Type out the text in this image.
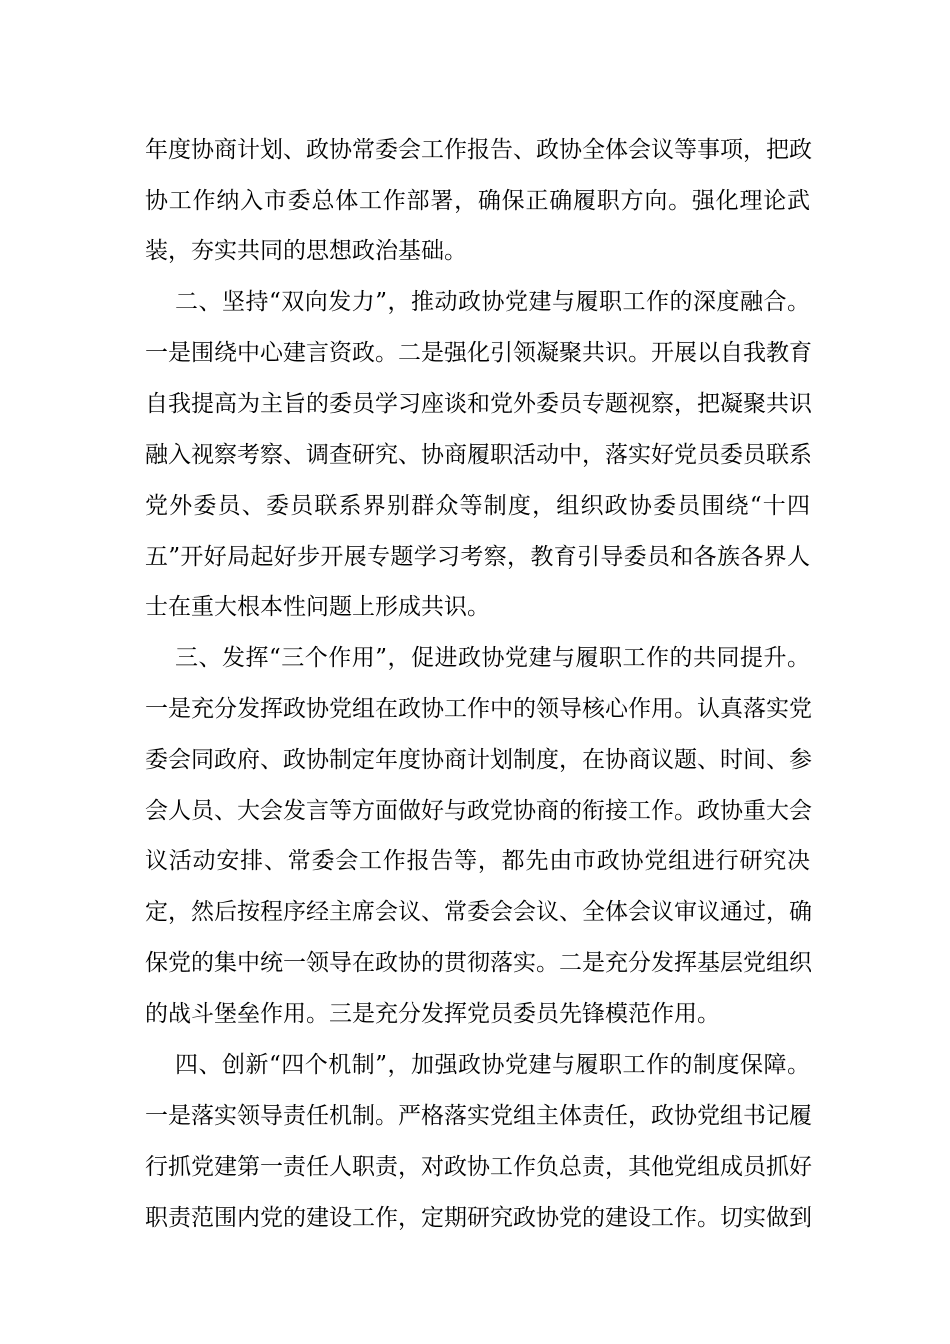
年度协商计划、政协常委会工作报告、政协全体会议等事项，把政
协工作纳入市委总体工作部署，确保正确履职方向。强化理论武
装，夯实共同的思想政治基础。
二、坚持“双向发力”，推动政协党建与履职工作的深度融合。
一是围绕中心建言资政。二是强化引领凝聚共识。开展以自我教育
自我提高为主旨的委员学习座谈和党外委员专题视察，把凝聚共识
融入视察考察、调查研究、协商履职活动中，落实好党员委员联系
党外委员、委员联系界别群众等制度，组织政协委员围绕“十四
五”开好局起好步开展专题学习考察，教育引导委员和各族各界人
士在重大根本性问题上形成共识。
三、发挥“三个作用”，促进政协党建与履职工作的共同提升。
一是充分发挥政协党组在政协工作中的领导核心作用。认真落实党
委会同政府、政协制定年度协商计划制度，在协商议题、时间、参
会人员、大会发言等方面做好与政党协商的衔接工作。政协重大会
议活动安排、常委会工作报告等，都先由市政协党组进行研究决
定，然后按程序经主席会议、常委会会议、全体会议审议通过，确
保党的集中统一领导在政协的贯彻落实。二是充分发挥基层党组织
的战斗堡垒作用。三是充分发挥党员委员先锋模范作用。
四、创新“四个机制”，加强政协党建与履职工作的制度保障。
一是落实领导责任机制。严格落实党组主体责任，政协党组书记履
行抓党建第一责任人职责，对政协工作负总责，其他党组成员抓好
职责范围内党的建设工作，定期研究政协党的建设工作。切实做到
